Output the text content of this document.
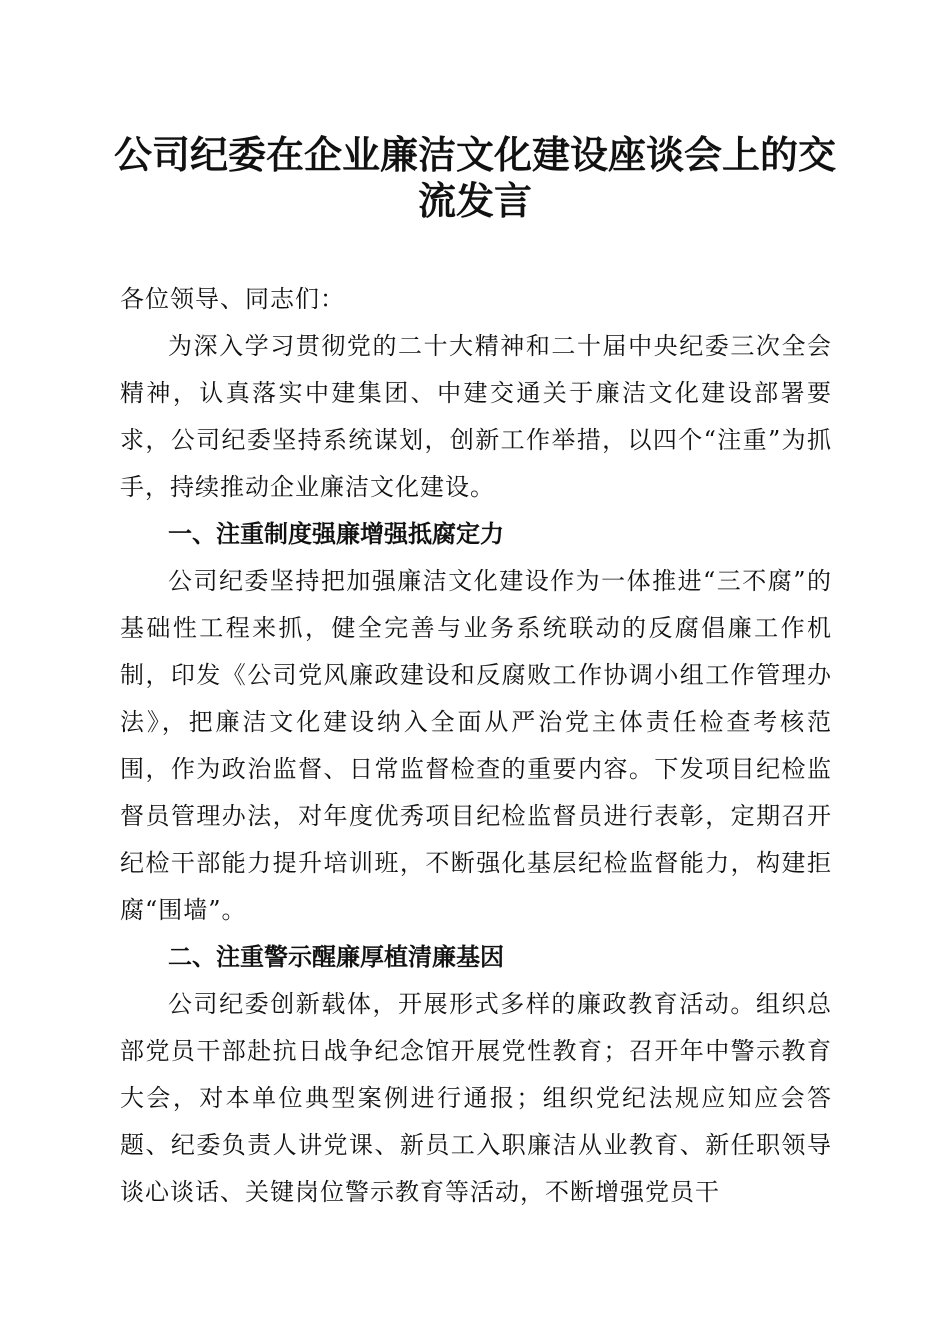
公司纪委在企业廉洁文化建设座谈会上的交流发言

各位领导、同志们：

为深入学习贯彻党的二十大精神和二十届中央纪委三次全会精神，认真落实中建集团、中建交通关于廉洁文化建设部署要求，公司纪委坚持系统谋划，创新工作举措，以四个“注重”为抓手，持续推动企业廉洁文化建设。

一、注重制度强廉增强抵腐定力

公司纪委坚持把加强廉洁文化建设作为一体推进“三不腐”的基础性工程来抓，健全完善与业务系统联动的反腐倡廉工作机制，印发《公司党风廉政建设和反腐败工作协调小组工作管理办法》，把廉洁文化建设纳入全面从严治党主体责任检查考核范围，作为政治监督、日常监督检查的重要内容。下发项目纪检监督员管理办法，对年度优秀项目纪检监督员进行表彰，定期召开纪检干部能力提升培训班，不断强化基层纪检监督能力，构建拒腐“围墙”。

二、注重警示醒廉厚植清廉基因

公司纪委创新载体，开展形式多样的廉政教育活动。组织总部党员干部赴抗日战争纪念馆开展党性教育；召开年中警示教育大会，对本单位典型案例进行通报；组织党纪法规应知应会答题、纪委负责人讲党课、新员工入职廉洁从业教育、新任职领导谈心谈话、关键岗位警示教育等活动，不断增强党员干
